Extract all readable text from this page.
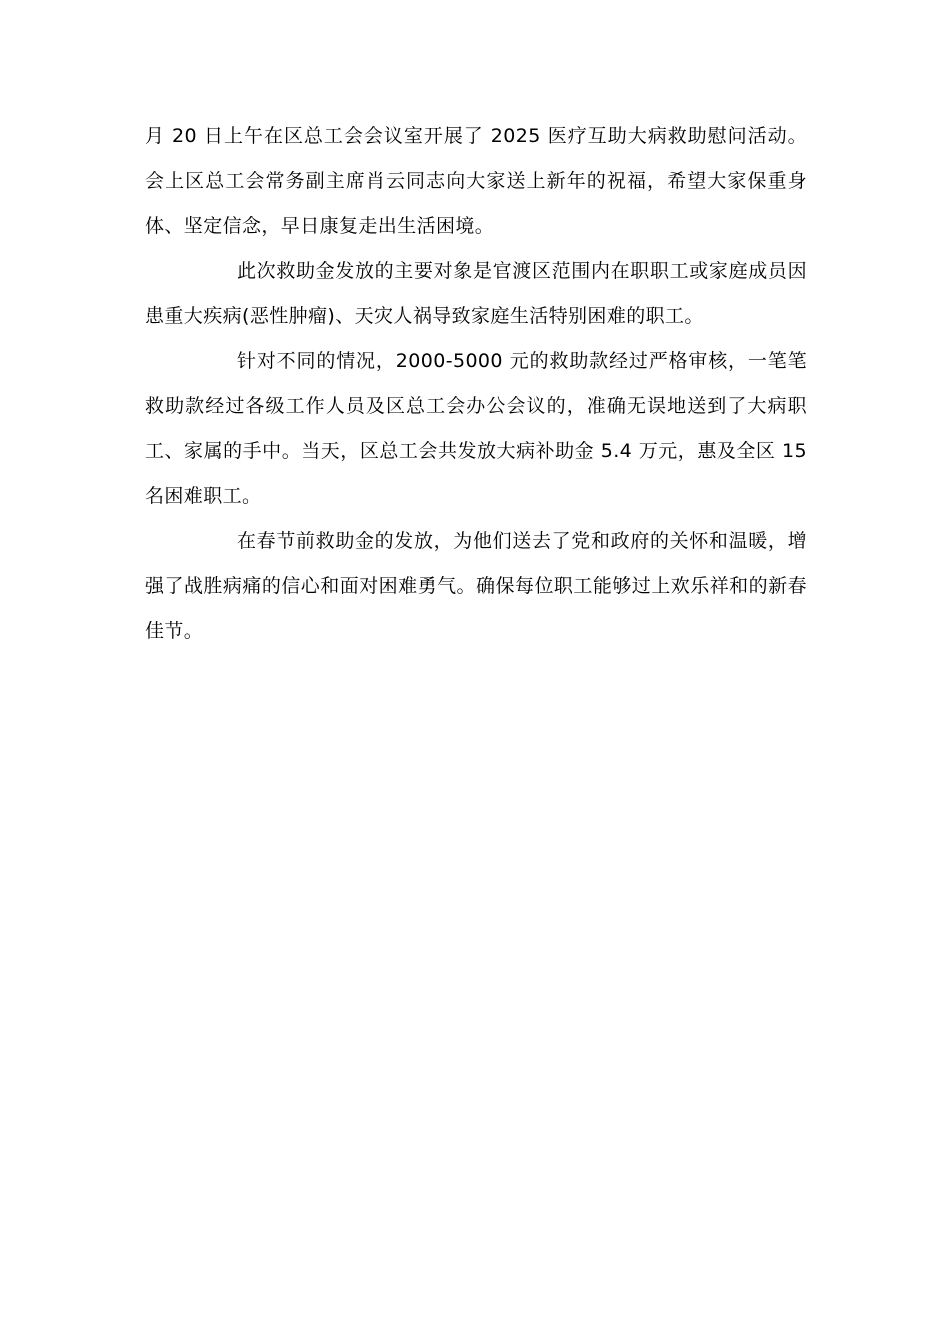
月 20 日上午在区总工会会议室开展了 2025 医疗互助大病救助慰问活动。会上区总工会常务副主席肖云同志向大家送上新年的祝福，希望大家保重身体、坚定信念，早日康复走出生活困境。

此次救助金发放的主要对象是官渡区范围内在职职工或家庭成员因患重大疾病(恶性肿瘤)、天灾人祸导致家庭生活特别困难的职工。

针对不同的情况，2000-5000 元的救助款经过严格审核，一笔笔救助款经过各级工作人员及区总工会办公会议的，准确无误地送到了大病职工、家属的手中。当天，区总工会共发放大病补助金 5.4 万元，惠及全区 15 名困难职工。

在春节前救助金的发放，为他们送去了党和政府的关怀和温暖，增强了战胜病痛的信心和面对困难勇气。确保每位职工能够过上欢乐祥和的新春佳节。
